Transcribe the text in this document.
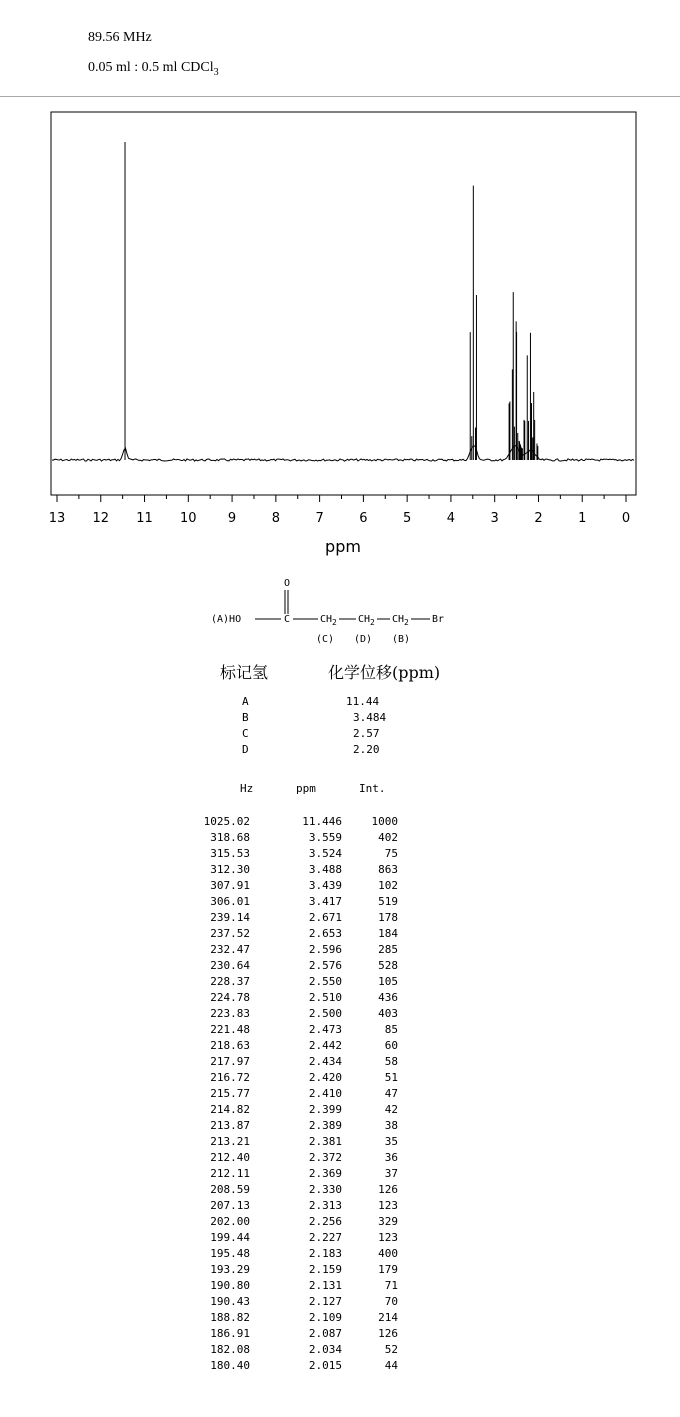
89.56 MHz
0.05 ml : 0.5 ml CDCl$_3$
13 12 11 10 9	8	7	6	5	4	3	2	1	0
ppm
O
(A)HO	C	$CH_2$ $CH_2$ $CH_2$ Br
(C) (D) (B)
标记氢	化学位移(ppm)
A	11.44
B	3.484
C	2.57
D	2.20
Hz	ppm	Int.
1025.02	11.446	1000
318.68	3.559	402
315.53	3.524	75
312.30	3.488	863
307.91	3.439	102
306.01	3.417	519
239.14	2.671	178
237.52	2.653	184
232.47	2.596	285
230.64	2.576	528
228.37	2.550	105
224.78	2.510	436
223.83	2.500	403
221.48	2.473	85
218.63	2.442	60
217.97	2.434	58
216.72	2.420	51
215.77	2.410	47
214.82	2.399	42
213.87	2.389	38
213.21	2.381	35
212.40	2.372	36
212.11	2.369	37
208.59	2.330	126
207.13	2.313	123
202.00	2.256	329
199.44	2.227	123
195.48	2.183	400
193.29	2.159	179
190.80	2.131	71
190.43	2.127	70
188.82	2.109	214
186.91	2.087	126
182.08	2.034	52
180.40	2.015	44
